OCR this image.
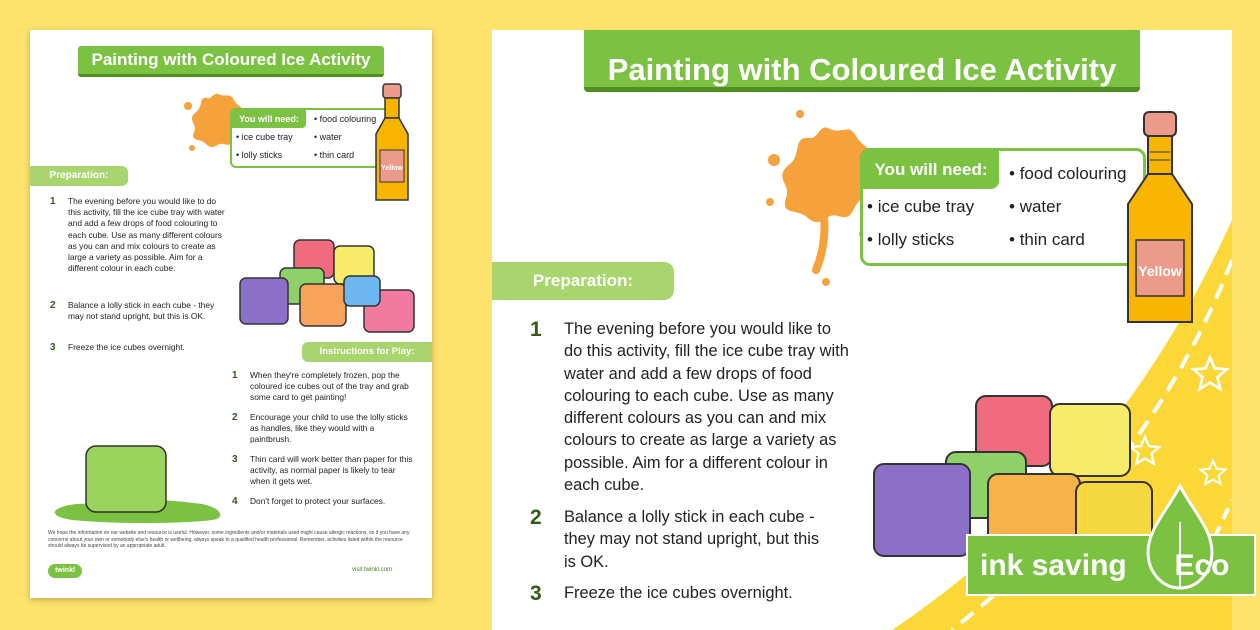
Painting with Coloured Ice Activity
You will need:
• ice cube tray
• lolly sticks
• food colouring
• water
• thin card
Yellow
Preparation:
1 The evening before you would like to do this activity, fill the ice cube tray with water and add a few drops of food colouring to each cube. Use as many different colours as you can and mix colours to create as large a variety as possible. Aim for a different colour in each cube.
2 Balance a lolly stick in each cube - they may not stand upright, but this is OK.
3 Freeze the ice cubes overnight.	Instructions for Play:
1 When they're completely frozen, pop the coloured ice cubes out of the tray and grab some card to get painting!
2 Encourage your child to use the lolly sticks as handles, like they would with a paintbrush.
3 Thin card will work better than paper for this activity, as normal paper is likely to tear when it gets wet.
4 Don't forget to protect your surfaces.
We hope the information on our website and resource is useful. However, some ingredients and/or materials used might cause allergic reactions, so if you have any concerns about your own or somebody else's health or wellbeing, always speak to a qualified health professional. Remember, activities listed within the resource should always be supervised by an appropriate adult.
twinkl	visit twinkl.com
Painting with Coloured Ice Activity
You will need:
• ice cube tray
• lolly sticks
• food colouring
• water
• thin card
Yellow
Preparation:
1 The evening before you would like to do this activity, fill the ice cube tray with water and add a few drops of food colouring to each cube. Use as many different colours as you can and mix colours to create as large a variety as possible. Aim for a different colour in each cube.
2 Balance a lolly stick in each cube - they may not stand upright, but this is OK.
3 Freeze the ice cubes overnight.
ink saving	Eco
